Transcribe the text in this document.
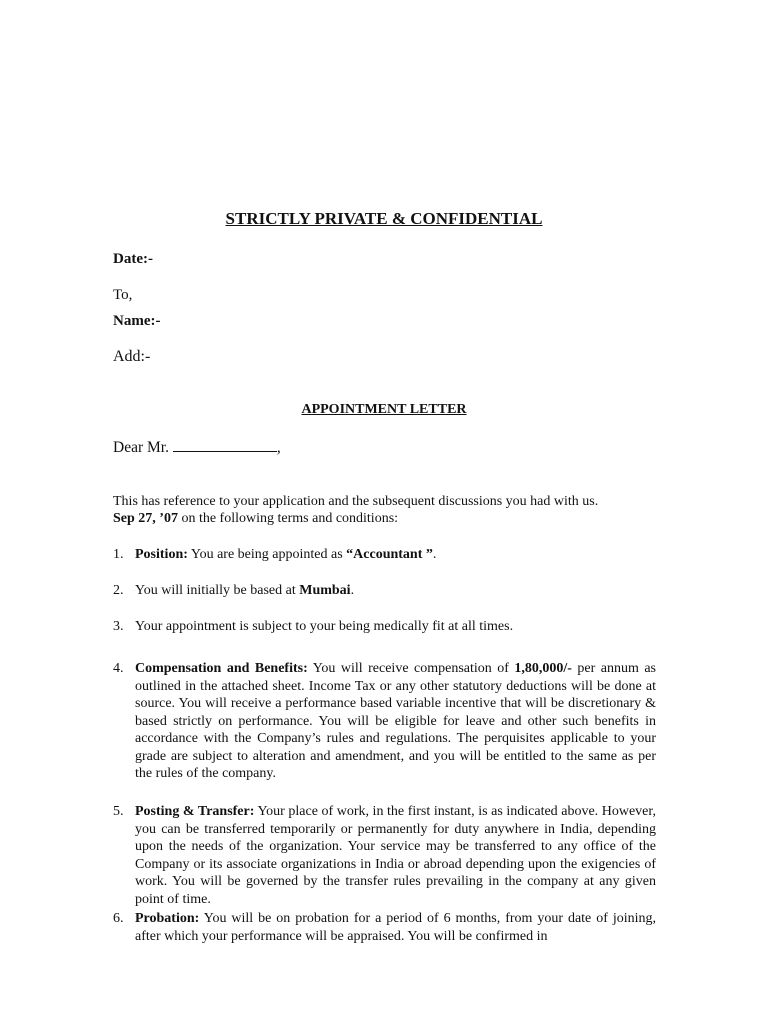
STRICTLY PRIVATE & CONFIDENTIAL
Date:-
To,
Name:-
Add:-
APPOINTMENT LETTER
Dear Mr.	,
This has reference to your application and the subsequent discussions you had with us.
Sep 27, ’07 on the following terms and conditions:
1. Position: You are being appointed as “Accountant ”.
2. You will initially be based at Mumbai.
3. Your appointment is subject to your being medically fit at all times.
4. Compensation and Benefits: You will receive compensation of 1,80,000/- per annum as outlined in the attached sheet. Income Tax or any other statutory deductions will be done at source. You will receive a performance based variable incentive that will be discretionary & based strictly on performance. You will be eligible for leave and other such benefits in accordance with the Company’s rules and regulations. The perquisites applicable to your grade are subject to alteration and amendment, and you will be entitled to the same as per the rules of the company.
5. Posting & Transfer: Your place of work, in the first instant, is as indicated above. However, you can be transferred temporarily or permanently for duty anywhere in India, depending upon the needs of the organization. Your service may be transferred to any office of the Company or its associate organizations in India or abroad depending upon the exigencies of work. You will be governed by the transfer rules prevailing in the company at any given point of time.
6. Probation: You will be on probation for a period of 6 months, from your date of joining, after which your performance will be appraised. You will be confirmed in
